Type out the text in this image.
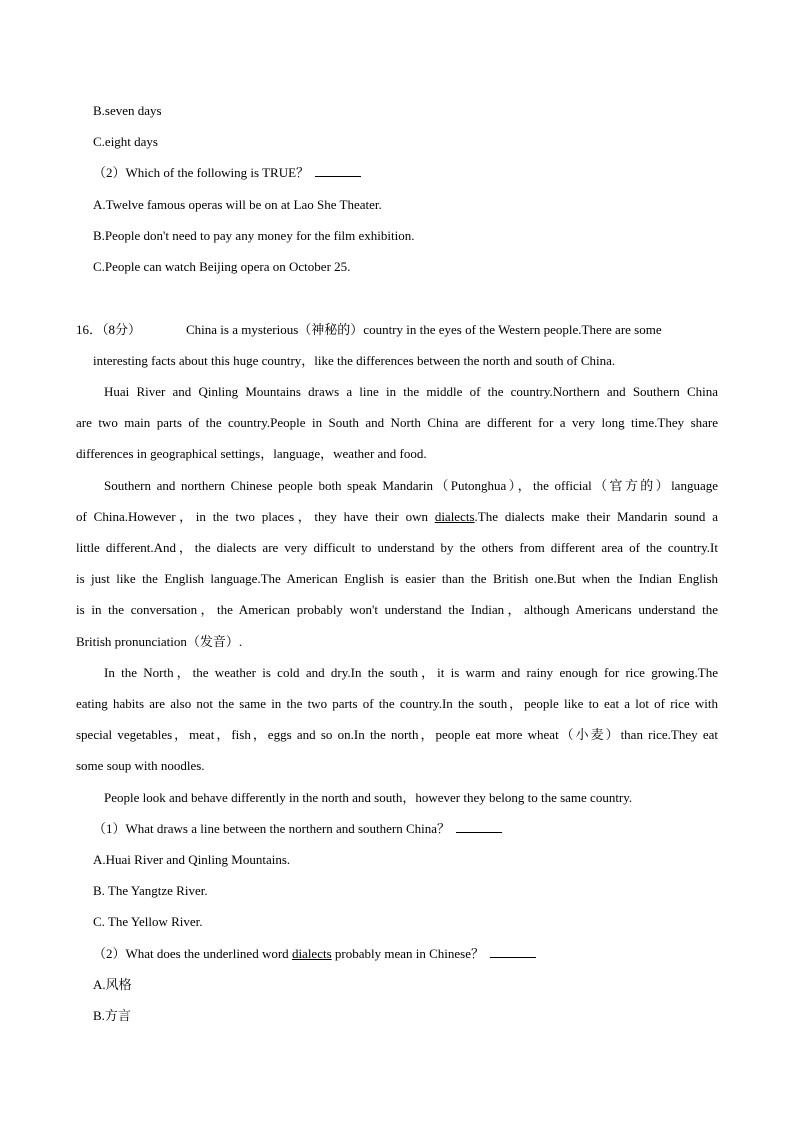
B.seven days
C.eight days
（2）Which of the following is TRUE？
A.Twelve famous operas will be on at Lao She Theater.
B.People don't need to pay any money for the film exhibition.
C.People can watch Beijing opera on October 25.
16．（8分）	China is a mysterious（神秘的）country in the eyes of the Western people.There are some
interesting facts about this huge country，like the differences between the north and south of China.
Huai River and Qinling Mountains draws a line in the middle of the country.Northern and Southern China
are two main parts of the country.People in South and North China are different for a very long time.They share
differences in geographical settings，language，weather and food.
Southern and northern Chinese people both speak Mandarin（Putonghua），the official（官方的）language
of China.However，in the two places，they have their own dialects.The dialects make their Mandarin sound a
little different.And，the dialects are very difficult to understand by the others from different area of the country.It
is just like the English language.The American English is easier than the British one.But when the Indian English
is in the conversation，the American probably won't understand the Indian，although Americans understand the
British pronunciation（发音）.
In the North，the weather is cold and dry.In the south，it is warm and rainy enough for rice growing.The
eating habits are also not the same in the two parts of the country.In the south，people like to eat a lot of rice with
special vegetables，meat，fish，eggs and so on.In the north，people eat more wheat（小麦）than rice.They eat
some soup with noodles.
People look and behave differently in the north and south，however they belong to the same country.
（1）What draws a line between the northern and southern China？
A.Huai River and Qinling Mountains.
B. The Yangtze River.
C. The Yellow River.
（2）What does the underlined word dialects probably mean in Chinese？
A.风格
B.方言
